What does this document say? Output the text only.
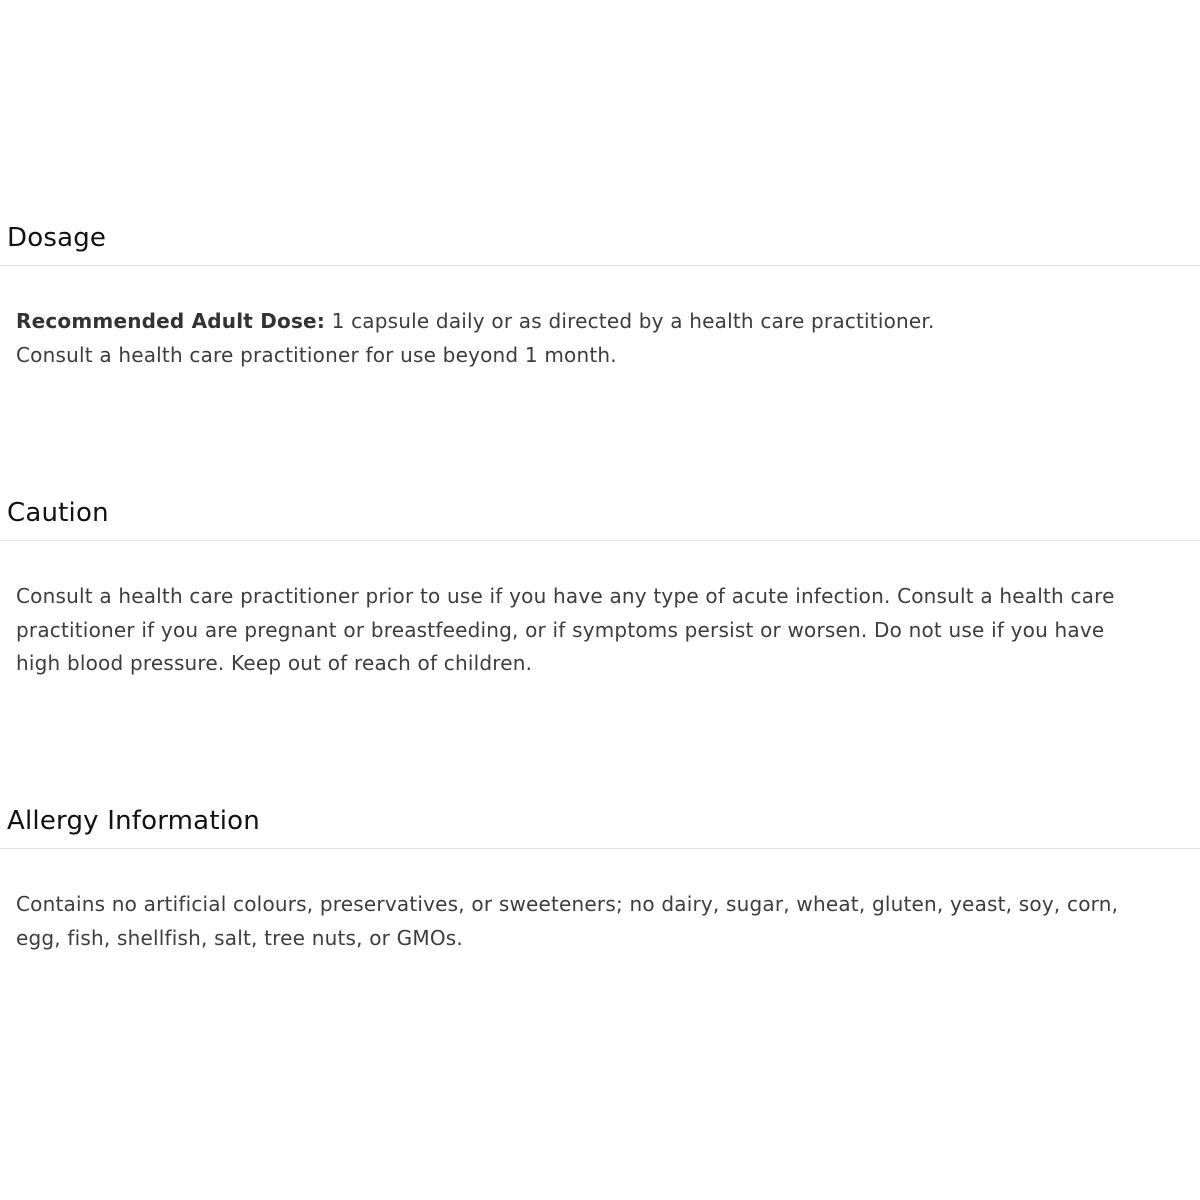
Dosage

Recommended Adult Dose: 1 capsule daily or as directed by a health care practitioner.

Consult a health care practitioner for use beyond 1 month.

Caution

Consult a health care practitioner prior to use if you have any type of acute infection. Consult a health care

practitioner if you are pregnant or breastfeeding, or if symptoms persist or worsen. Do not use if you have

high blood pressure. Keep out of reach of children.

Allergy Information

Contains no artificial colours, preservatives, or sweeteners; no dairy, sugar, wheat, gluten, yeast, soy, corn,

egg, fish, shellfish, salt, tree nuts, or GMOs.
